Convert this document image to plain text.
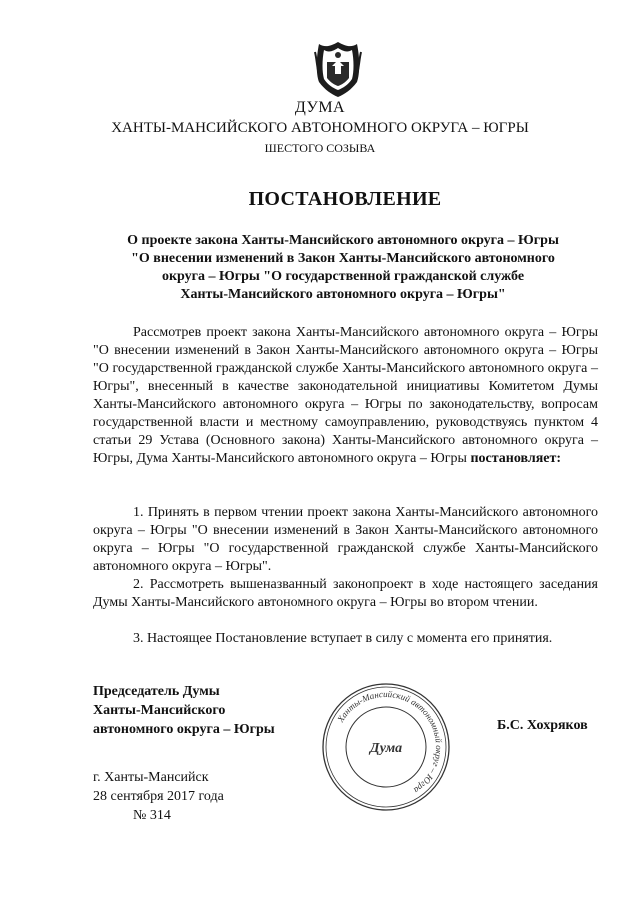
ДУМА
ХАНТЫ-МАНСИЙСКОГО АВТОНОМНОГО ОКРУГА – ЮГРЫ
ШЕСТОГО СОЗЫВА
ПОСТАНОВЛЕНИЕ
О проекте закона Ханты-Мансийского автономного округа – Югры
"О внесении изменений в Закон Ханты-Мансийского автономного
округа – Югры "О государственной гражданской службе
Ханты-Мансийского автономного округа – Югры"
Рассмотрев проект закона Ханты-Мансийского автономного округа – Югры "О внесении изменений в Закон Ханты-Мансийского автономного округа – Югры "О государственной гражданской службе Ханты-Мансийского автономного округа – Югры", внесенный в качестве законодательной инициативы Комитетом Думы Ханты-Мансийского автономного округа – Югры по законодательству, вопросам государственной власти и местному самоуправлению, руководствуясь пунктом 4 статьи 29 Устава (Основного закона) Ханты-Мансийского автономного округа – Югры, Дума Ханты-Мансийского автономного округа – Югры постановляет:
1. Принять в первом чтении проект закона Ханты-Мансийского автономного округа – Югры "О внесении изменений в Закон Ханты-Мансийского автономного округа – Югры "О государственной гражданской службе Ханты-Мансийского автономного округа – Югры".
2. Рассмотреть вышеназванный законопроект в ходе настоящего заседания Думы Ханты-Мансийского автономного округа – Югры во втором чтении.
3. Настоящее Постановление вступает в силу с момента его принятия.
Председатель Думы
Ханты-Мансийского
автономного округа – Югры
Ханты-Мансийский автономный округ – Югра
Дума
Б.С. Хохряков
г. Ханты-Мансийск
28 сентября 2017 года
№ 314
